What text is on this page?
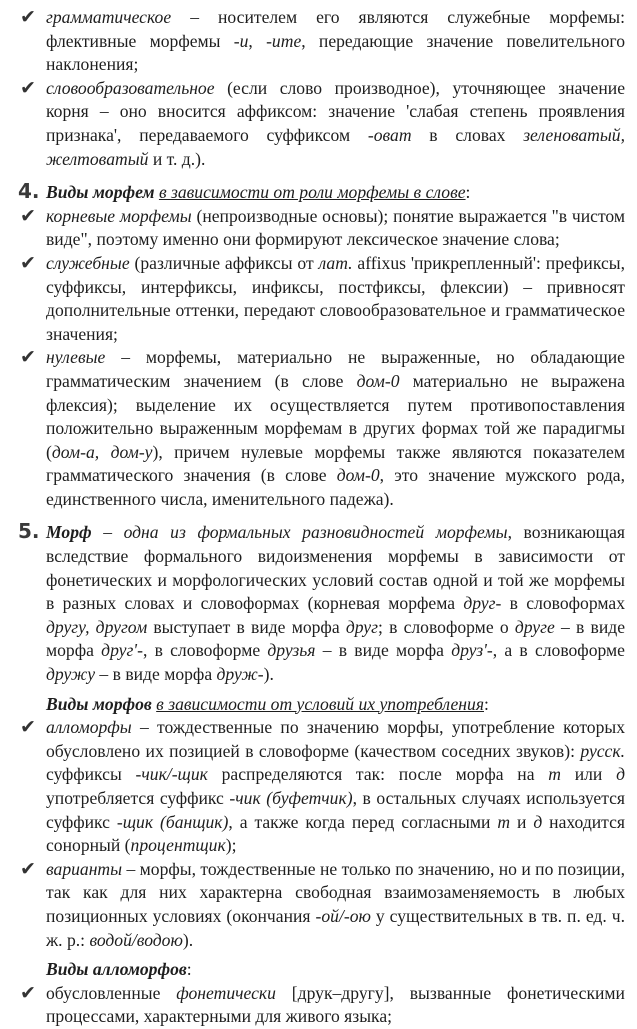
✔ грамматическое – носителем его являются служебные морфемы: флективные морфемы -и, -ите, передающие значение повелительного наклонения;
✔ словообразовательное (если слово производное), уточняющее значение корня – оно вносится аффиксом: значение 'слабая степень проявления признака', передаваемого суффиксом -оват в словах зеленоватый, желтоватый и т. д.).
4. Виды морфем в зависимости от роли морфемы в слове:
✔ корневые морфемы (непроизводные основы); понятие выражается "в чистом виде", поэтому именно они формируют лексическое значение слова;
✔ служебные (различные аффиксы от лат. affixus 'прикрепленный': префиксы, суффиксы, интерфиксы, инфиксы, постфиксы, флексии) – привносят дополнительные оттенки, передают словообразовательное и грамматическое значения;
✔ нулевые – морфемы, материально не выраженные, но обладающие грамматическим значением (в слове дом-0 материально не выражена флексия); выделение их осуществляется путем противопоставления положительно выраженным морфемам в других формах той же парадигмы (дом-а, дом-у), причем нулевые морфемы также являются показателем грамматического значения (в слове дом-0, это значение мужского рода, единственного числа, именительного падежа).
5. Морф – одна из формальных разновидностей морфемы, возникающая вследствие формального видоизменения морфемы в зависимости от фонетических и морфологических условий состав одной и той же морфемы в разных словах и словоформах (корневая морфема друг- в словоформах другу, другом выступает в виде морфа друг; в словоформе о друге – в виде морфа друг'-, в словоформе друзья – в виде морфа друз'-, а в словоформе дружу – в виде морфа друж-).
Виды морфов в зависимости от условий их употребления:
✔ алломорфы – тождественные по значению морфы, употребление которых обусловлено их позицией в словоформе (качеством соседних звуков): русск. суффиксы -чик/-щик распределяются так: после морфа на т или д употребляется суффикс -чик (буфетчик), в остальных случаях используется суффикс -щик (банщик), а также когда перед согласными т и д находится сонорный (процентщик);
✔ варианты – морфы, тождественные не только по значению, но и по позиции, так как для них характерна свободная взаимозаменяемость в любых позиционных условиях (окончания -ой/-ою у существительных в тв. п. ед. ч. ж. р.: водой/водою).
Виды алломорфов:
✔ обусловленные фонетически [друк–другу], вызванные фонетическими процессами, характерными для живого языка;
